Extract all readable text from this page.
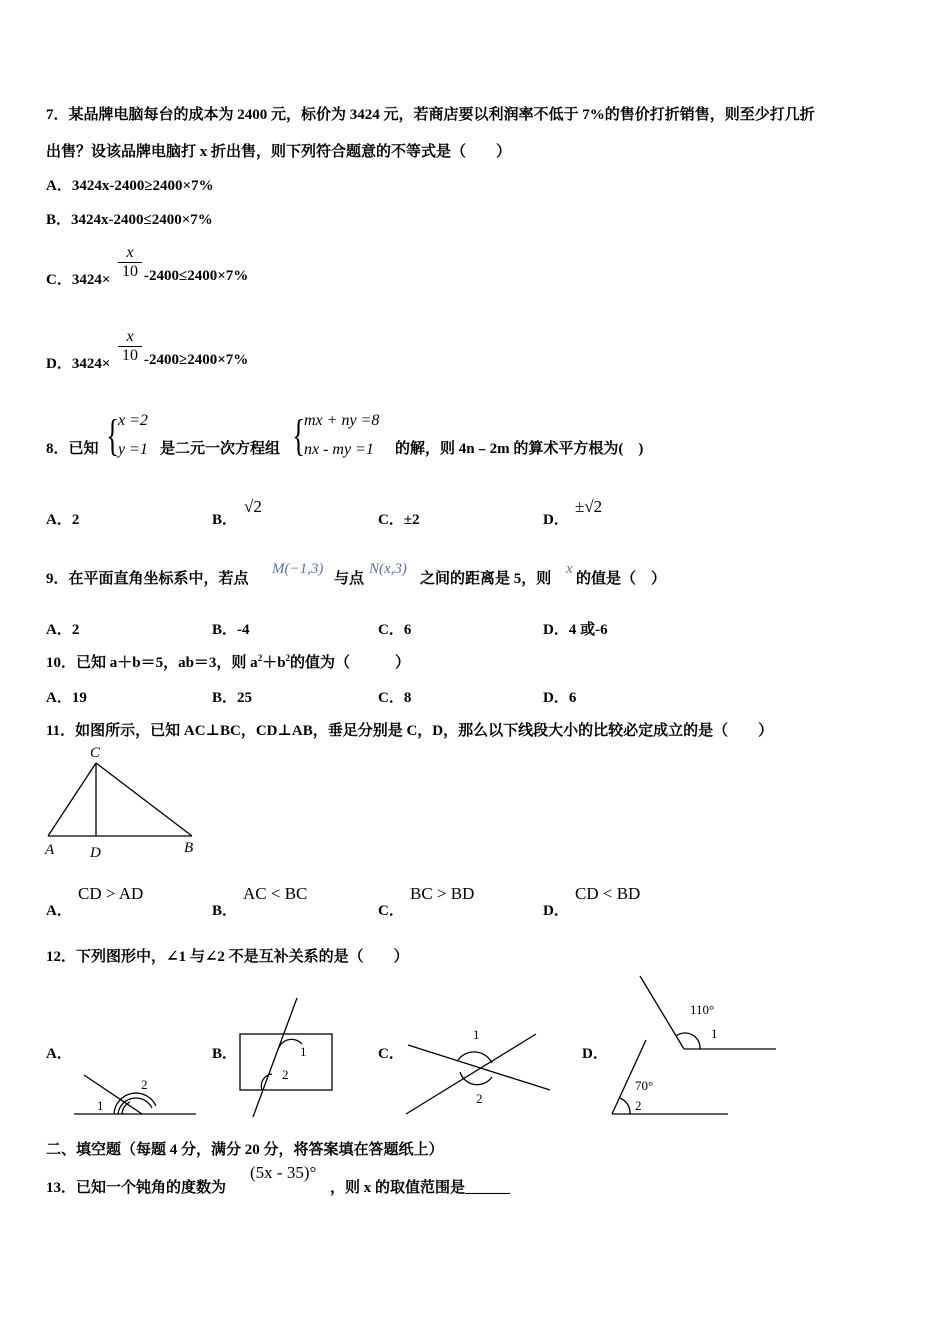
7．某品牌电脑每台的成本为 2400 元，标价为 3424 元，若商店要以利润率不低于 7%的售价打折销售，则至少打几折
出售？设该品牌电脑打 x 折出售，则下列符合题意的不等式是（　　）
A．3424x-2400≥2400×7%
B．3424x-2400≤2400×7%
C．3424×
x
10 -2400≤2400×7%
D．3424×
x
10 -2400≥2400×7%
8．已知 { x =2
y =1 是二元一次方程组 { mx + ny =8
nx - my =1 的解，则 4n﹣2m 的算术平方根为(　)
A．2	B．
√2
C．±2	D．
±√2
9．在平面直角坐标系中，若点
M(−1,3)
与点
N(x,3)
之间的距离是 5，则
x
的值是（　）
A．2	B．-4	C．6	D．4 或-6
10．已知 a＋b＝5，ab＝3，则 $a^2+b^2$的值为（　　　）
A．19	B．25	C．8	D．6
11．如图所示，已知 AC⊥BC，CD⊥AB，垂足分别是 C，D，那么以下线段大小的比较必定成立的是（　　）
C
A D	B
A．
CD > AD
B．
AC < BC
C．
BC > BD
D．
CD < BD
12．下列图形中，∠1 与∠2 不是互补关系的是（　　）
A．	B．	C．	D．
1
2
1
2
1
2
110°
1
70°
2
二、填空题（每题 4 分，满分 20 分，将答案填在答题纸上）
13．已知一个钝角的度数为
(5x - 35)°
，则 x 的取值范围是______
